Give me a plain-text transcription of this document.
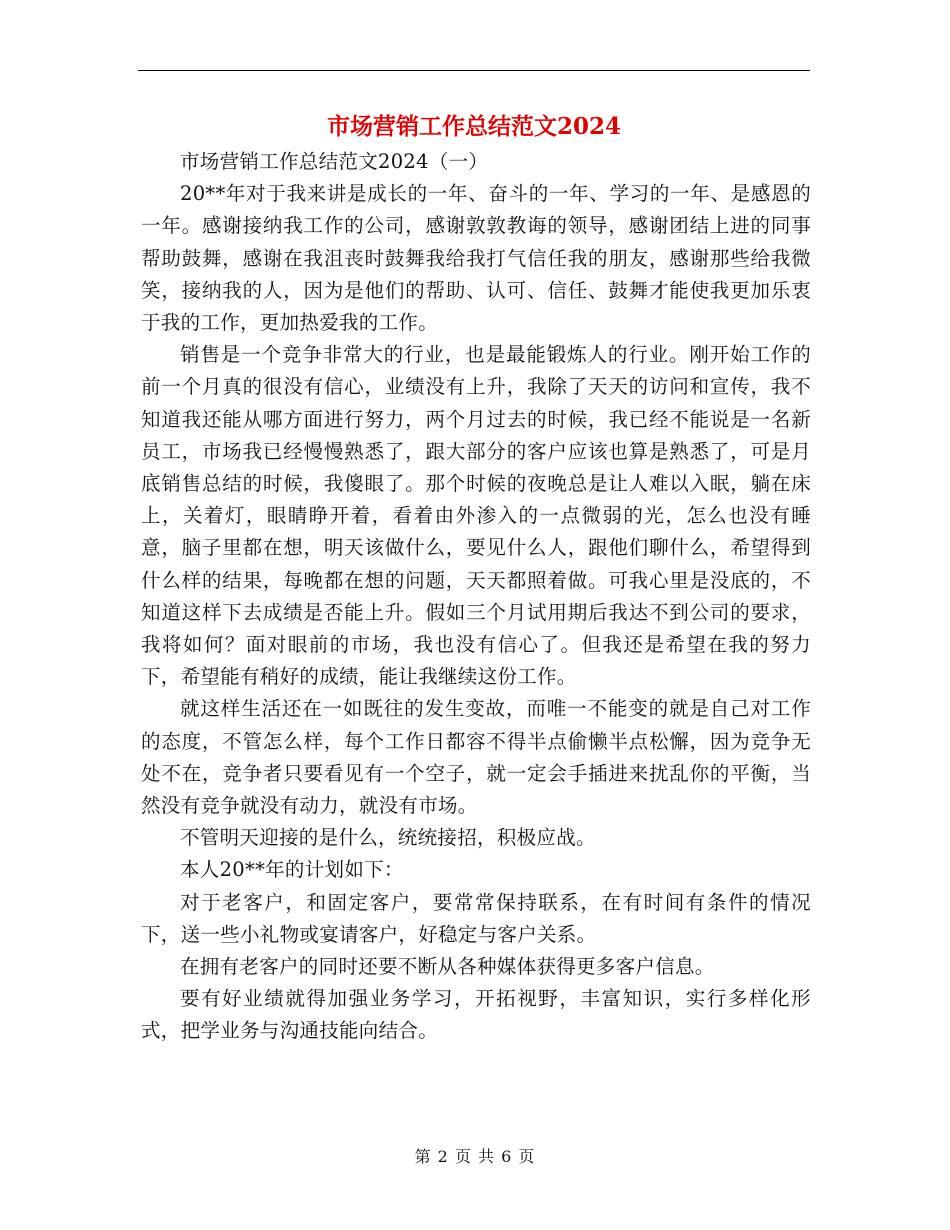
市场营销工作总结范文2024

市场营销工作总结范文2024（一）

20**年对于我来讲是成长的一年、奋斗的一年、学习的一年、是感恩的一年。感谢接纳我工作的公司，感谢敦敦教诲的领导，感谢团结上进的同事帮助鼓舞，感谢在我沮丧时鼓舞我给我打气信任我的朋友，感谢那些给我微笑，接纳我的人，因为是他们的帮助、认可、信任、鼓舞才能使我更加乐衷于我的工作，更加热爱我的工作。

销售是一个竞争非常大的行业，也是最能锻炼人的行业。刚开始工作的前一个月真的很没有信心，业绩没有上升，我除了天天的访问和宣传，我不知道我还能从哪方面进行努力，两个月过去的时候，我已经不能说是一名新员工，市场我已经慢慢熟悉了，跟大部分的客户应该也算是熟悉了，可是月底销售总结的时候，我傻眼了。那个时候的夜晚总是让人难以入眠，躺在床上，关着灯，眼睛睁开着，看着由外渗入的一点微弱的光，怎么也没有睡意，脑子里都在想，明天该做什么，要见什么人，跟他们聊什么，希望得到什么样的结果，每晚都在想的问题，天天都照着做。可我心里是没底的，不知道这样下去成绩是否能上升。假如三个月试用期后我达不到公司的要求，我将如何？面对眼前的市场，我也没有信心了。但我还是希望在我的努力下，希望能有稍好的成绩，能让我继续这份工作。

就这样生活还在一如既往的发生变故，而唯一不能变的就是自己对工作的态度，不管怎么样，每个工作日都容不得半点偷懒半点松懈，因为竞争无处不在，竞争者只要看见有一个空子，就一定会手插进来扰乱你的平衡，当然没有竞争就没有动力，就没有市场。

不管明天迎接的是什么，统统接招，积极应战。

本人20**年的计划如下：

对于老客户，和固定客户，要常常保持联系，在有时间有条件的情况下，送一些小礼物或宴请客户，好稳定与客户关系。

在拥有老客户的同时还要不断从各种媒体获得更多客户信息。

要有好业绩就得加强业务学习，开拓视野，丰富知识，实行多样化形式，把学业务与沟通技能向结合。

第 2 页 共 6 页
